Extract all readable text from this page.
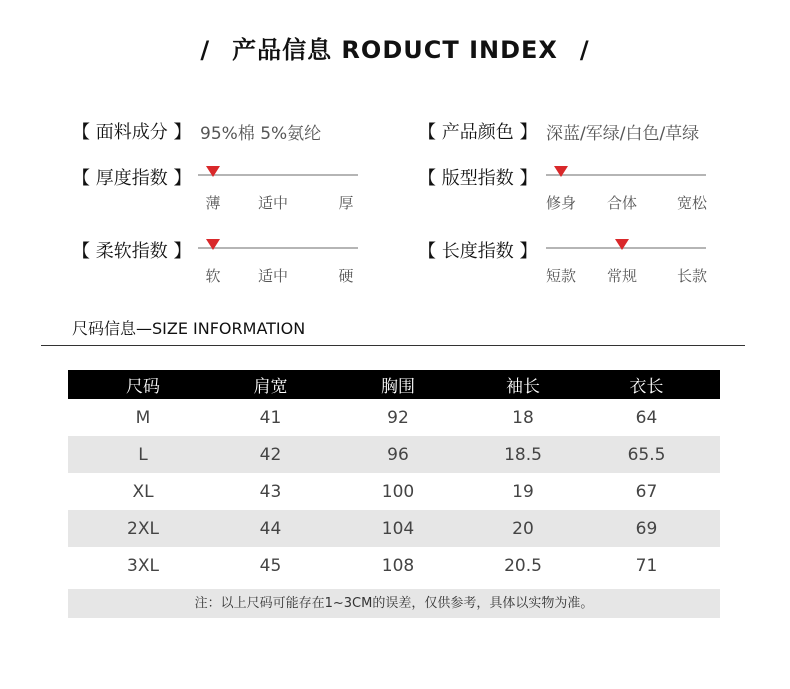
/ 产品信息 RODUCT INDEX /
【 面料成分 】 95%棉 5%氨纶	【 产品颜色 】 深蓝/军绿/白色/草绿
【 厚度指数 】
薄 适中	厚
【 版型指数 】
修身 合体	宽松
【 柔软指数 】
软 适中	硬
【 长度指数 】
短款 常规	长款
尺码信息—SIZE INFORMATION
尺码	肩宽	胸围	袖长	衣长
M	41	92	18	64
L	42	96	18.5	65.5
XL	43	100	19	67
2XL	44	104	20	69
3XL	45	108	20.5	71
注：以上尺码可能存在1~3CM的误差，仅供参考，具体以实物为准。
